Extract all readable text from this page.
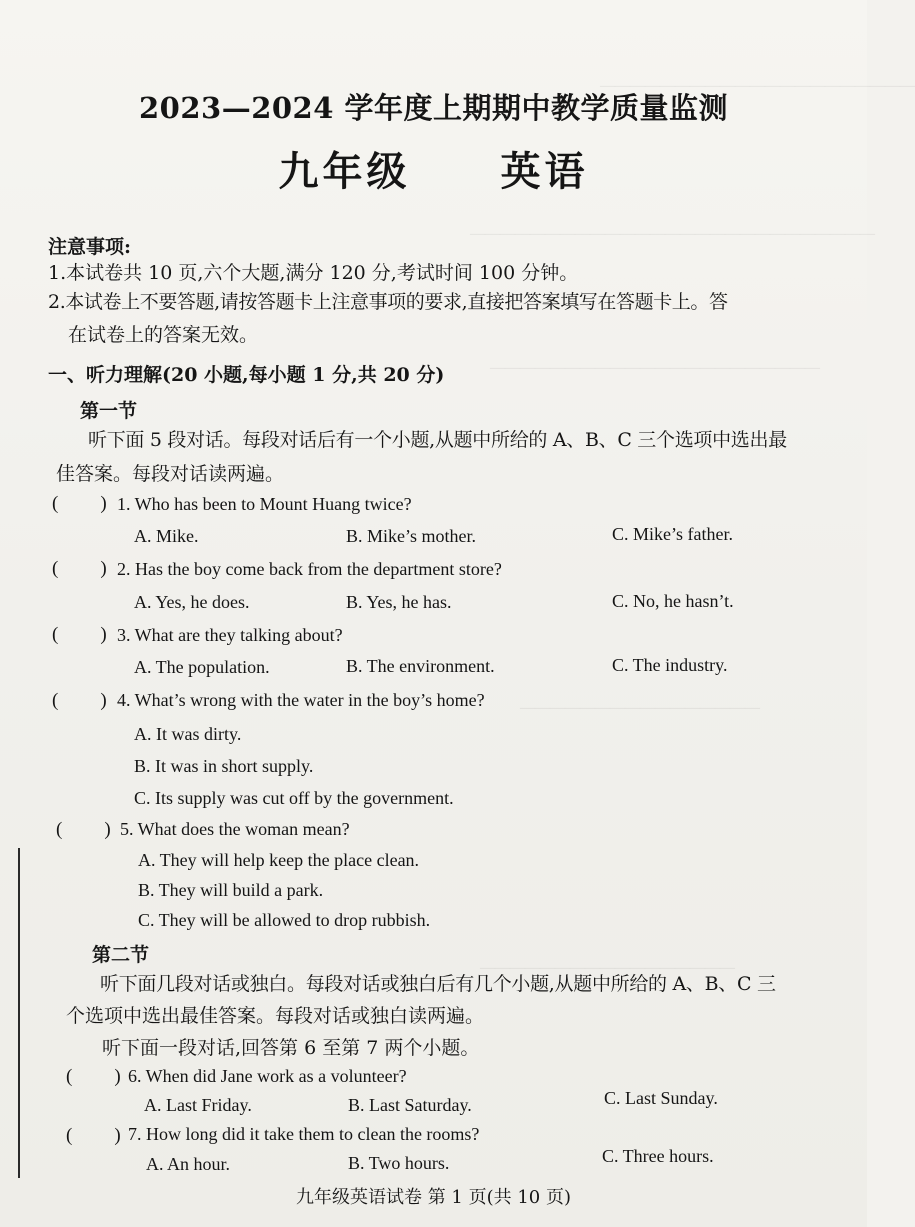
—————————————————————
———————————————————————————
——————————————————————
————————————————
—————————————————
2023—2024 学年度上期期中教学质量监测
九年级 英语
注意事项:
1.本试卷共 10 页,六个大题,满分 120 分,考试时间 100 分钟。
2.本试卷上不要答题,请按答题卡上注意事项的要求,直接把答案填写在答题卡上。答
在试卷上的答案无效。
一、听力理解(20 小题,每小题 1 分,共 20 分)
第一节
听下面 5 段对话。每段对话后有一个小题,从题中所给的 A、B、C 三个选项中选出最
佳答案。每段对话读两遍。
( ) 1. Who has been to Mount Huang twice?
A. Mike.	B. Mike’s mother.	C. Mike’s father.
( ) 2. Has the boy come back from the department store?
A. Yes, he does.	B. Yes, he has.	C. No, he hasn’t.
( ) 3. What are they talking about?
A. The population.	B. The environment.	C. The industry.
( ) 4. What’s wrong with the water in the boy’s home?
A. It was dirty.
B. It was in short supply.
C. Its supply was cut off by the government.
( ) 5. What does the woman mean?
A. They will help keep the place clean.
B. They will build a park.
C. They will be allowed to drop rubbish.
第二节
听下面几段对话或独白。每段对话或独白后有几个小题,从题中所给的 A、B、C 三
个选项中选出最佳答案。每段对话或独白读两遍。
听下面一段对话,回答第 6 至第 7 两个小题。
( ) 6. When did Jane work as a volunteer?
A. Last Friday.	B. Last Saturday.	C. Last Sunday.
( ) 7. How long did it take them to clean the rooms?
A. An hour.	B. Two hours.	C. Three hours.
九年级英语试卷 第 1 页(共 10 页)
